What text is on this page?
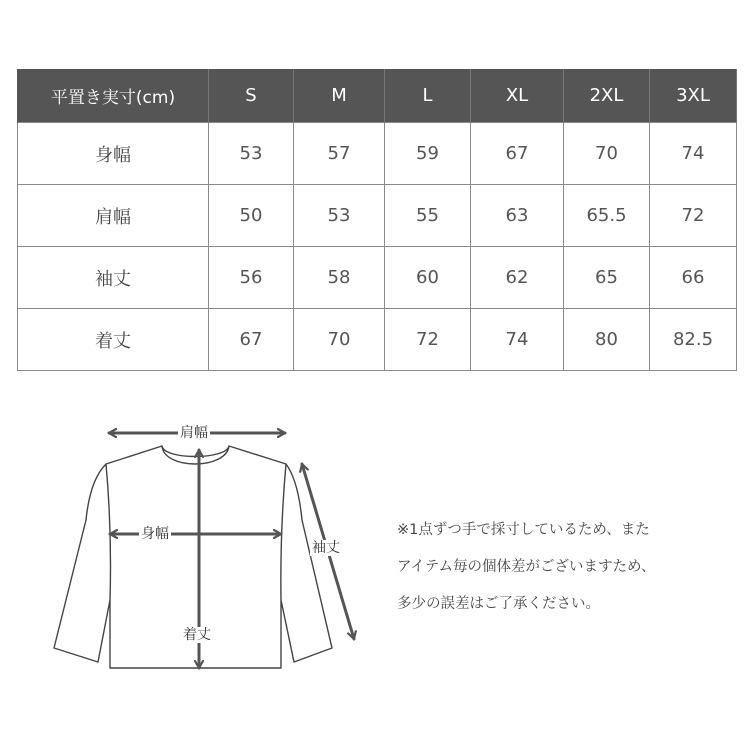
平置き実寸(cm)	S	M	L	XL	2XL	3XL
身幅	53	57	59	67	70	74
肩幅	50	53	55	63	65.5	72
袖丈	56	58	60	62	65	66
着丈	67	70	72	74	80	82.5
肩幅
身幅
袖丈
着丈
※1点ずつ手で採寸しているため、また
アイテム毎の個体差がございますため、
多少の誤差はご了承ください。
